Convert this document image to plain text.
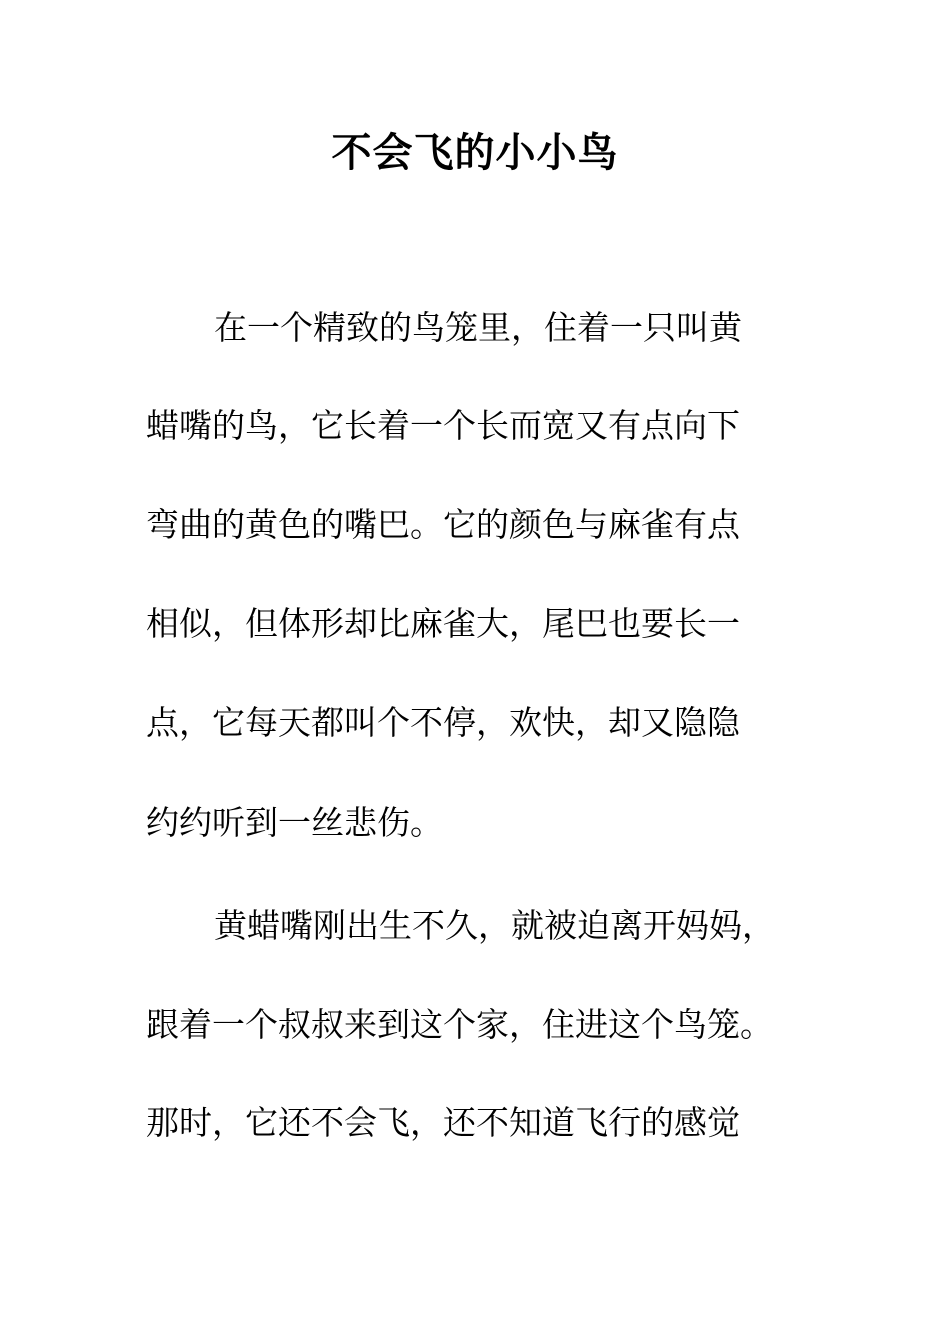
不会飞的小小鸟
在一个精致的鸟笼里，住着一只叫黄
蜡嘴的鸟，它长着一个长而宽又有点向下
弯曲的黄色的嘴巴。它的颜色与麻雀有点
相似，但体形却比麻雀大，尾巴也要长一
点，它每天都叫个不停，欢快，却又隐隐
约约听到一丝悲伤。
黄蜡嘴刚出生不久，就被迫离开妈妈，
跟着一个叔叔来到这个家，住进这个鸟笼。
那时，它还不会飞，还不知道飞行的感觉
